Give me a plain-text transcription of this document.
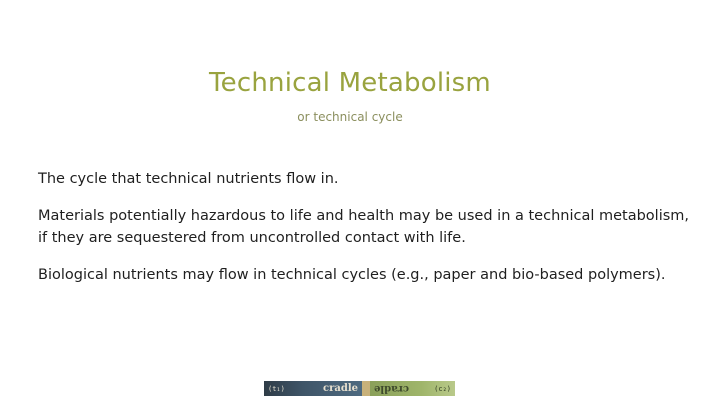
Technical Metabolism
or technical cycle

The cycle that technical nutrients flow in.

Materials potentially hazardous to life and health may be used in a technical metabolism, if they are sequestered from uncontrolled contact with life.

Biological nutrients may flow in technical cycles (e.g., paper and bio-based polymers).

(t₁)	cradle cradle	(c₂)
